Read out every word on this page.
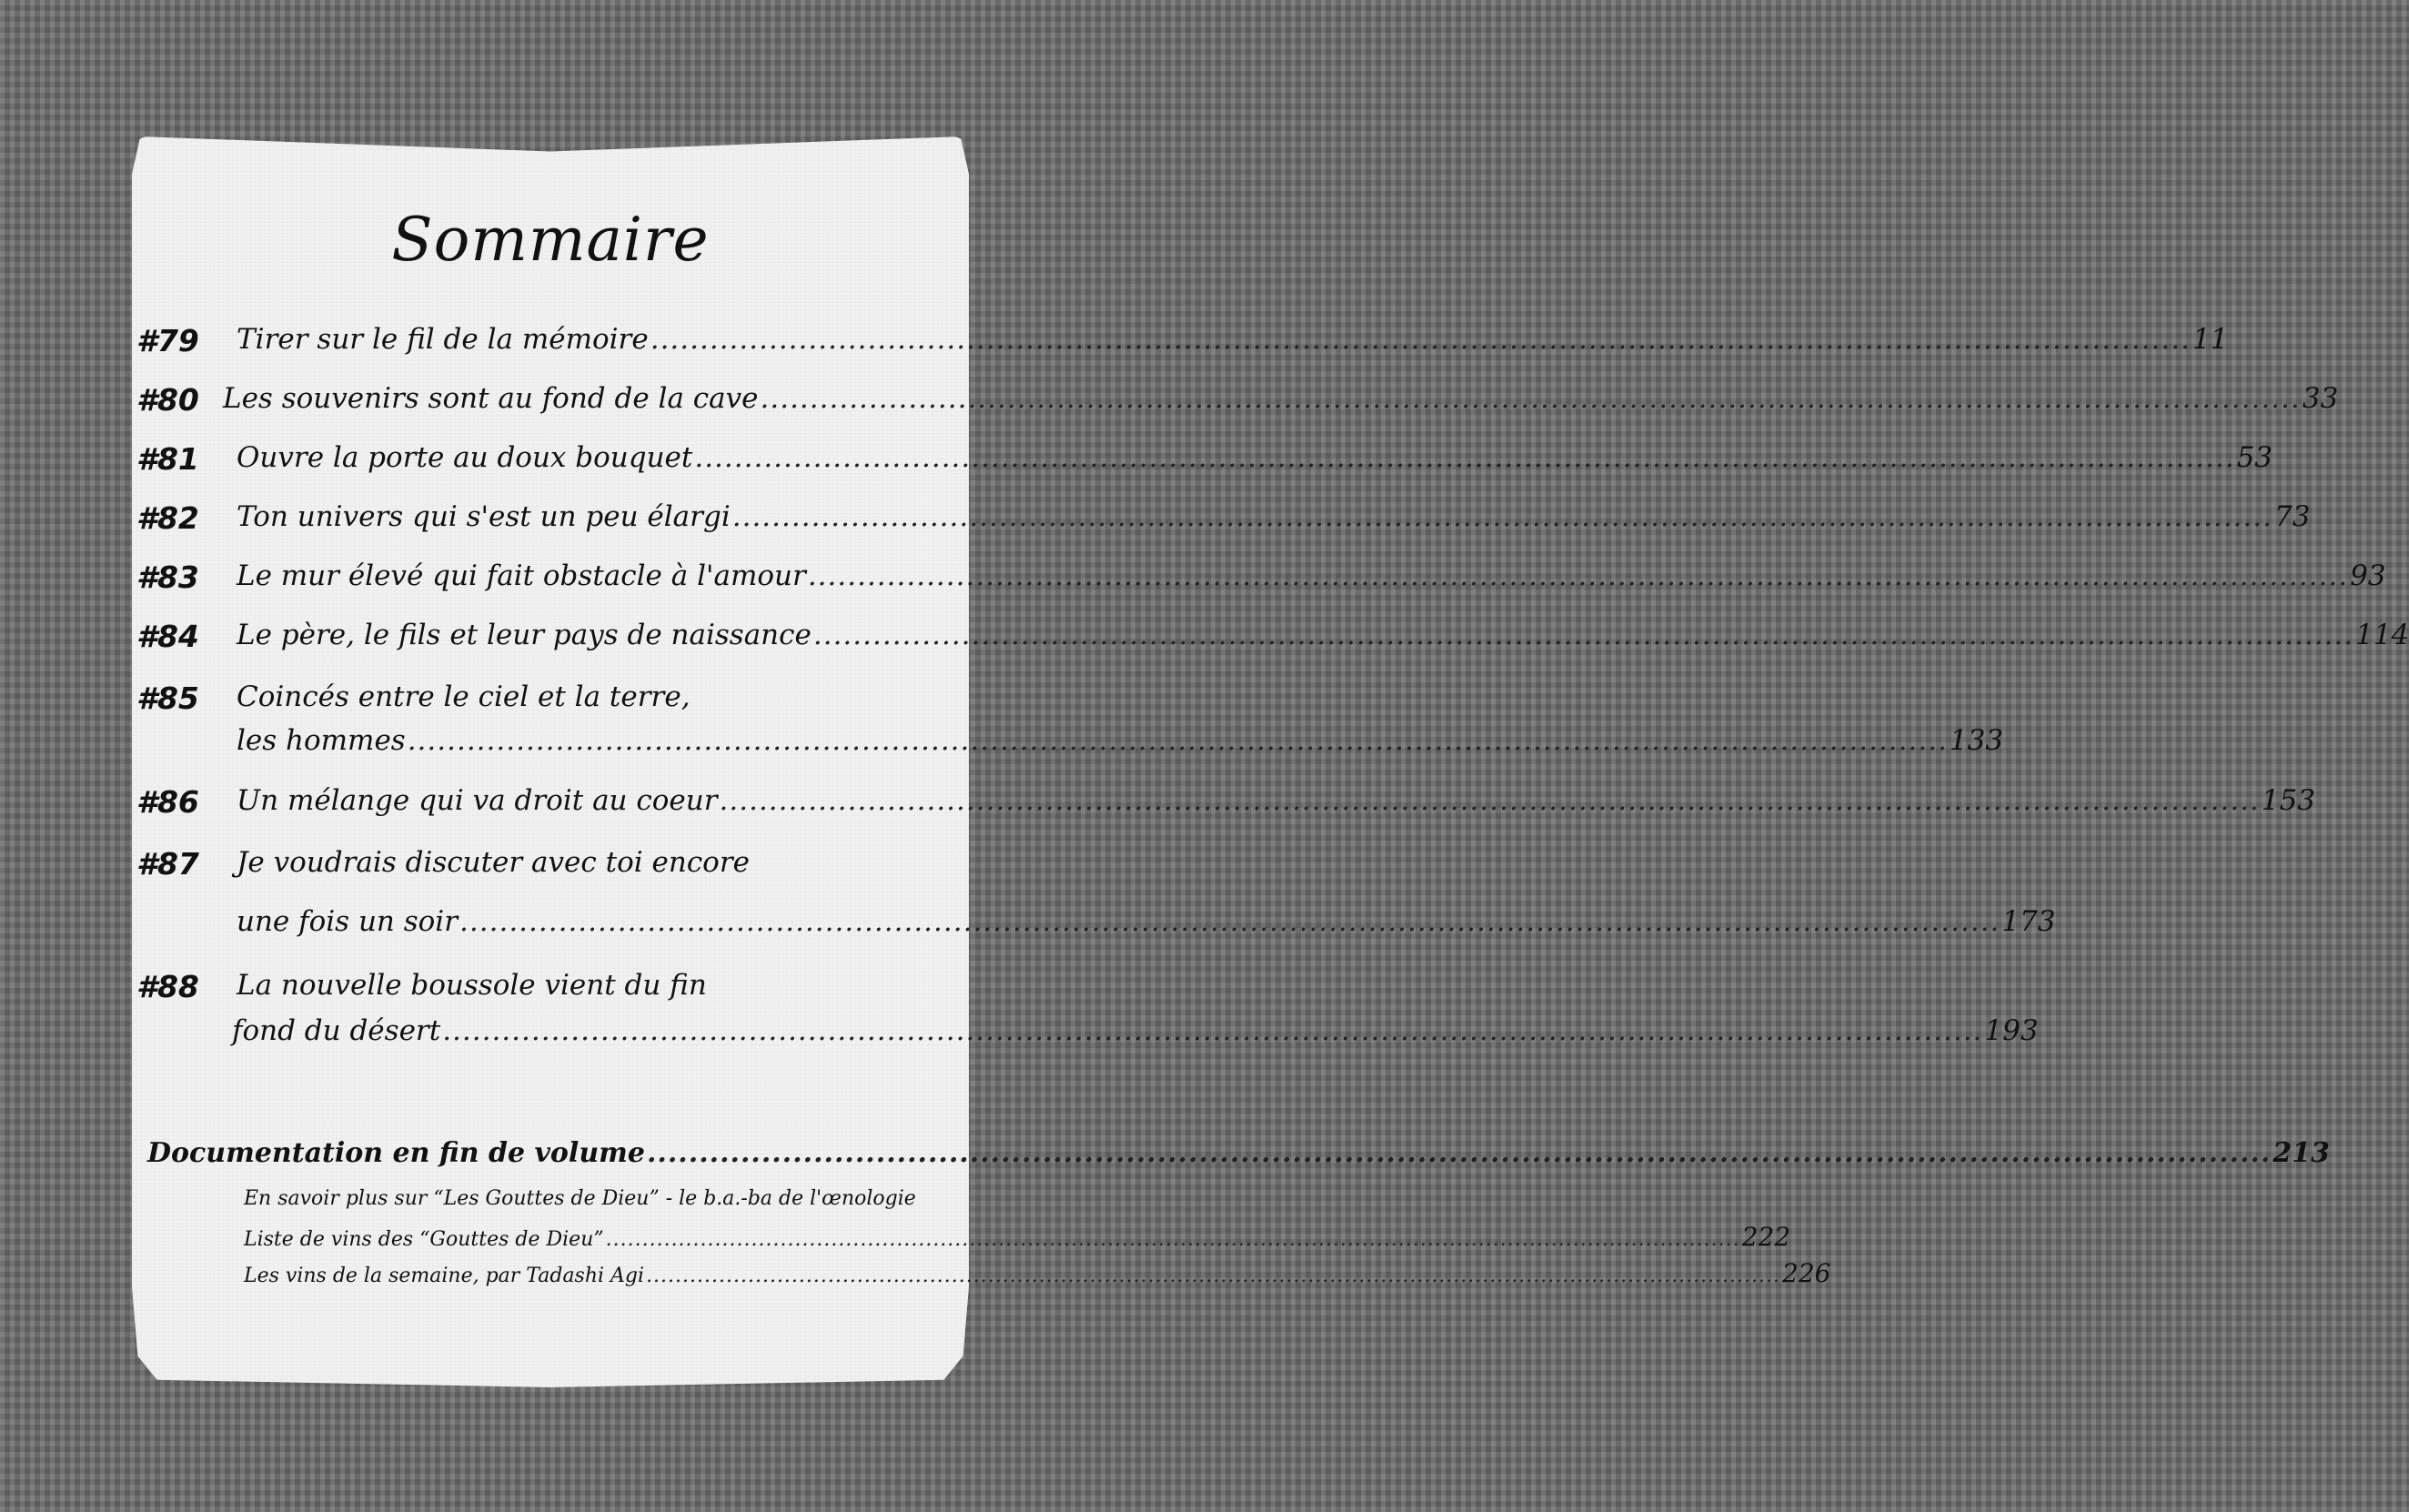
Sommaire
#79	Tirer sur le fil de la mémoire .....	11
#80 Les souvenirs sont au fond de la cave .....	33
#81	Ouvre la porte au doux bouquet .....	53
#82	Ton univers qui s'est un peu élargi .....	73
#83	Le mur élevé qui fait obstacle à l'amour .....	93
#84	Le père, le fils et leur pays de naissance .....	114
#85	Coincés entre le ciel et la terre,
les hommes .....	133
#86	Un mélange qui va droit au coeur .....	153
#87	Je voudrais discuter avec toi encore
une fois un soir .....	173
#88	La nouvelle boussole vient du fin
fond du désert .....	193
Documentation en fin de volume .....	213
En savoir plus sur “Les Gouttes de Dieu” - le b.a.-ba de l'œnologie
Liste de vins des “Gouttes de Dieu” .....	222
Les vins de la semaine, par Tadashi Agi .....	226
